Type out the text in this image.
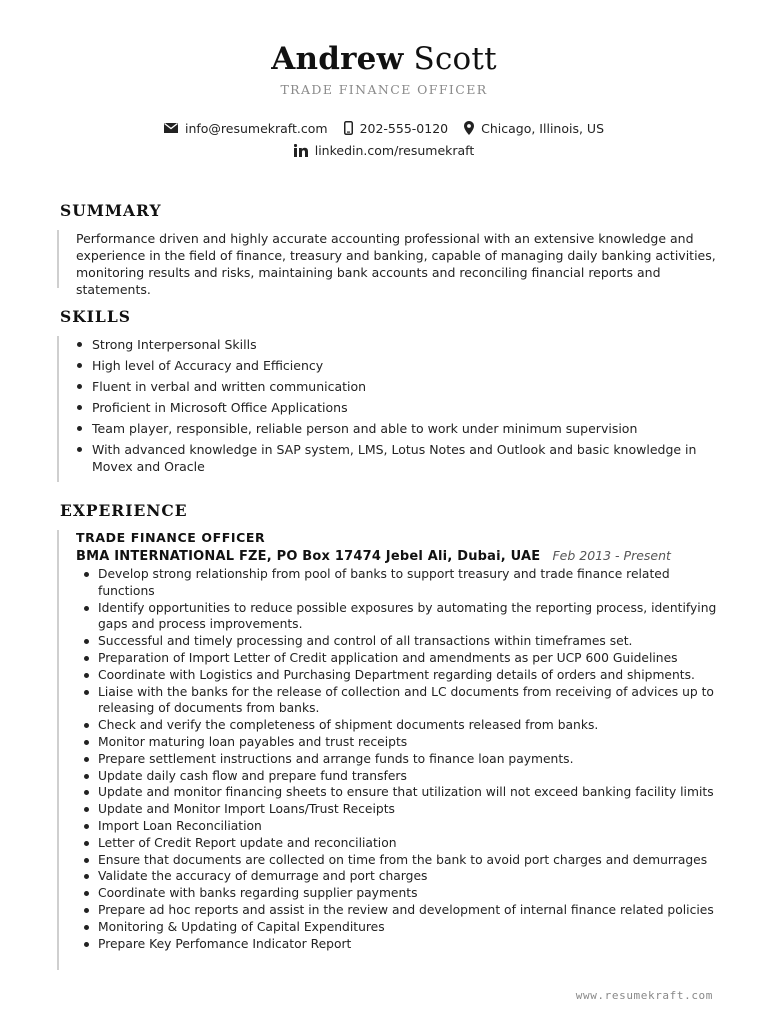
Andrew Scott
TRADE FINANCE OFFICER
info@resumekraft.com	202-555-0120	Chicago, Illinois, US
linkedin.com/resumekraft
SUMMARY
Performance driven and highly accurate accounting professional with an extensive knowledge and experience in the field of finance, treasury and banking, capable of managing daily banking activities, monitoring results and risks, maintaining bank accounts and reconciling financial reports and statements.
SKILLS
Strong Interpersonal Skills
High level of Accuracy and Efficiency
Fluent in verbal and written communication
Proficient in Microsoft Office Applications
Team player, responsible, reliable person and able to work under minimum supervision
With advanced knowledge in SAP system, LMS, Lotus Notes and Outlook and basic knowledge in Movex and Oracle
EXPERIENCE
TRADE FINANCE OFFICER
BMA INTERNATIONAL FZE, PO Box 17474 Jebel Ali, Dubai, UAE Feb 2013 - Present
Develop strong relationship from pool of banks to support treasury and trade finance related functions
Identify opportunities to reduce possible exposures by automating the reporting process, identifying gaps and process improvements.
Successful and timely processing and control of all transactions within timeframes set.
Preparation of Import Letter of Credit application and amendments as per UCP 600 Guidelines
Coordinate with Logistics and Purchasing Department regarding details of orders and shipments.
Liaise with the banks for the release of collection and LC documents from receiving of advices up to releasing of documents from banks.
Check and verify the completeness of shipment documents released from banks.
Monitor maturing loan payables and trust receipts
Prepare settlement instructions and arrange funds to finance loan payments.
Update daily cash flow and prepare fund transfers
Update and monitor financing sheets to ensure that utilization will not exceed banking facility limits
Update and Monitor Import Loans/Trust Receipts
Import Loan Reconciliation
Letter of Credit Report update and reconciliation
Ensure that documents are collected on time from the bank to avoid port charges and demurrages
Validate the accuracy of demurrage and port charges
Coordinate with banks regarding supplier payments
Prepare ad hoc reports and assist in the review and development of internal finance related policies
Monitoring & Updating of Capital Expenditures
Prepare Key Perfomance Indicator Report
www.resumekraft.com
